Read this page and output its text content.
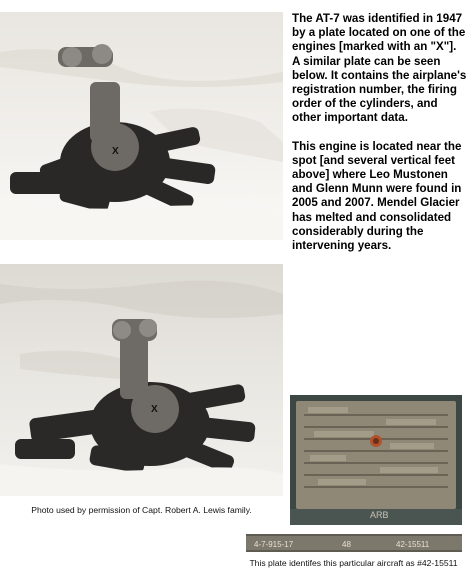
X

The AT-7 was identified in 1947 by a plate located on one of the engines [marked with an "X"]. A similar plate can be seen below. It contains the airplane's registration number, the firing order of the cylinders, and other important data.

This engine is located near the spot [and several vertical feet above] where Leo Mustonen and Glenn Munn were found in 2005 and 2007. Mendel Glacier has melted and consolidated considerably during the intervening years.

X
Photo used by permission of Capt. Robert A. Lewis family.	ARB
4-7-915-17	48	42-15511
This plate identifes this particular aircraft as #42-15511
